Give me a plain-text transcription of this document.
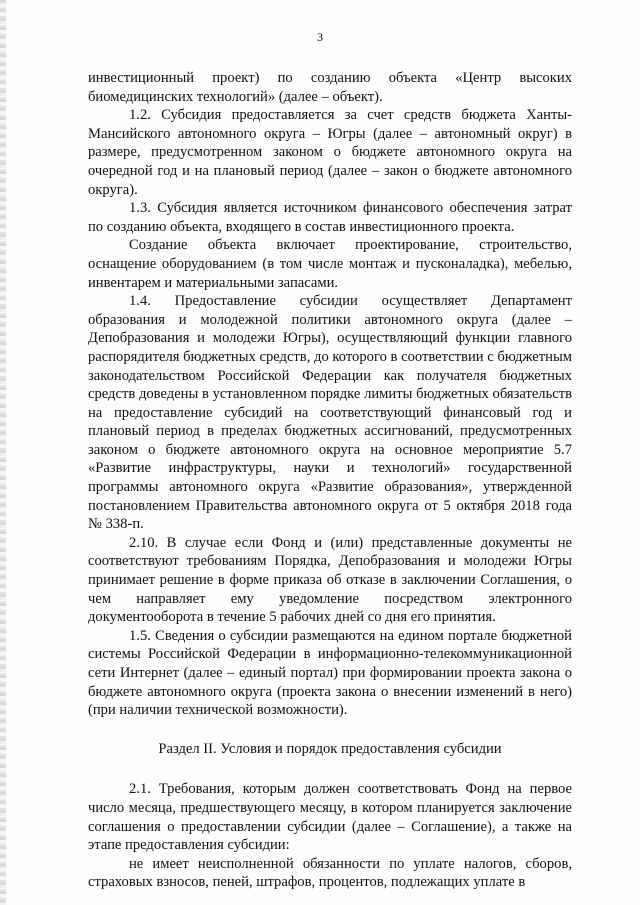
3

инвестиционный проект) по созданию объекта «Центр высоких биомедицинских технологий» (далее – объект).

1.2. Субсидия предоставляется за счет средств бюджета Ханты-Мансийского автономного округа – Югры (далее – автономный округ) в размере, предусмотренном законом о бюджете автономного округа на очередной год и на плановый период (далее – закон о бюджете автономного округа).

1.3. Субсидия является источником финансового обеспечения затрат по созданию объекта, входящего в состав инвестиционного проекта.

Создание объекта включает проектирование, строительство, оснащение оборудованием (в том числе монтаж и пусконаладка), мебелью, инвентарем и материальными запасами.

1.4. Предоставление субсидии осуществляет Департамент образования и молодежной политики автономного округа (далее – Депобразования и молодежи Югры), осуществляющий функции главного распорядителя бюджетных средств, до которого в соответствии с бюджетным законодательством Российской Федерации как получателя бюджетных средств доведены в установленном порядке лимиты бюджетных обязательств на предоставление субсидий на соответствующий финансовый год и плановый период в пределах бюджетных ассигнований, предусмотренных законом о бюджете автономного округа на основное мероприятие 5.7 «Развитие инфраструктуры, науки и технологий» государственной программы автономного округа «Развитие образования», утвержденной постановлением Правительства автономного округа от 5 октября 2018 года № 338-п.

2.10. В случае если Фонд и (или) представленные документы не соответствуют требованиям Порядка, Депобразования и молодежи Югры принимает решение в форме приказа об отказе в заключении Соглашения, о чем направляет ему уведомление посредством электронного документооборота в течение 5 рабочих дней со дня его принятия.

1.5. Сведения о субсидии размещаются на едином портале бюджетной системы Российской Федерации в информационно-телекоммуникационной сети Интернет (далее – единый портал) при формировании проекта закона о бюджете автономного округа (проекта закона о внесении изменений в него) (при наличии технической возможности).

Раздел II. Условия и порядок предоставления субсидии

2.1. Требования, которым должен соответствовать Фонд на первое число месяца, предшествующего месяцу, в котором планируется заключение соглашения о предоставлении субсидии (далее – Соглашение), а также на этапе предоставления субсидии:

не имеет неисполненной обязанности по уплате налогов, сборов, страховых взносов, пеней, штрафов, процентов, подлежащих уплате в
